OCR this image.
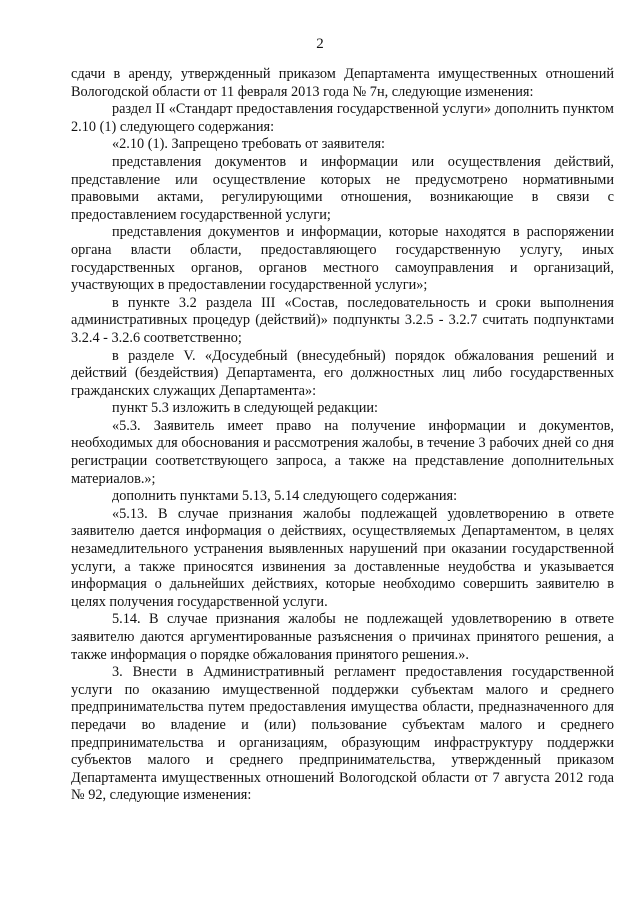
2

сдачи в аренду, утвержденный приказом Департамента имущественных отношений Вологодской области от 11 февраля 2013 года № 7н, следующие изменения:

раздел II «Стандарт предоставления государственной услуги» дополнить пунктом 2.10 (1) следующего содержания:

«2.10 (1). Запрещено требовать от заявителя:

представления документов и информации или осуществления действий, представление или осуществление которых не предусмотрено нормативными правовыми актами, регулирующими отношения, возникающие в связи с предоставлением государственной услуги;

представления документов и информации, которые находятся в распоряжении органа власти области, предоставляющего государственную услугу, иных государственных органов, органов местного самоуправления и организаций, участвующих в предоставлении государственной услуги»;

в пункте 3.2 раздела III «Состав, последовательность и сроки выполнения административных процедур (действий)» подпункты 3.2.5 - 3.2.7 считать подпунктами 3.2.4 - 3.2.6 соответственно;

в разделе V. «Досудебный (внесудебный) порядок обжалования решений и действий (бездействия) Департамента, его должностных лиц либо государственных гражданских служащих Департамента»:

пункт 5.3 изложить в следующей редакции:

«5.3. Заявитель имеет право на получение информации и документов, необходимых для обоснования и рассмотрения жалобы, в течение 3 рабочих дней со дня регистрации соответствующего запроса, а также на представление дополнительных материалов.»;

дополнить пунктами 5.13, 5.14 следующего содержания:

«5.13. В случае признания жалобы подлежащей удовлетворению в ответе заявителю дается информация о действиях, осуществляемых Департаментом, в целях незамедлительного устранения выявленных нарушений при оказании государственной услуги, а также приносятся извинения за доставленные неудобства и указывается информация о дальнейших действиях, которые необходимо совершить заявителю в целях получения государственной услуги.

5.14. В случае признания жалобы не подлежащей удовлетворению в ответе заявителю даются аргументированные разъяснения о причинах принятого решения, а также информация о порядке обжалования принятого решения.».

3. Внести в Административный регламент предоставления государственной услуги по оказанию имущественной поддержки субъектам малого и среднего предпринимательства путем предоставления имущества области, предназначенного для передачи во владение и (или) пользование субъектам малого и среднего предпринимательства и организациям, образующим инфраструктуру поддержки субъектов малого и среднего предпринимательства, утвержденный приказом Департамента имущественных отношений Вологодской области от 7 августа 2012 года № 92, следующие изменения:
